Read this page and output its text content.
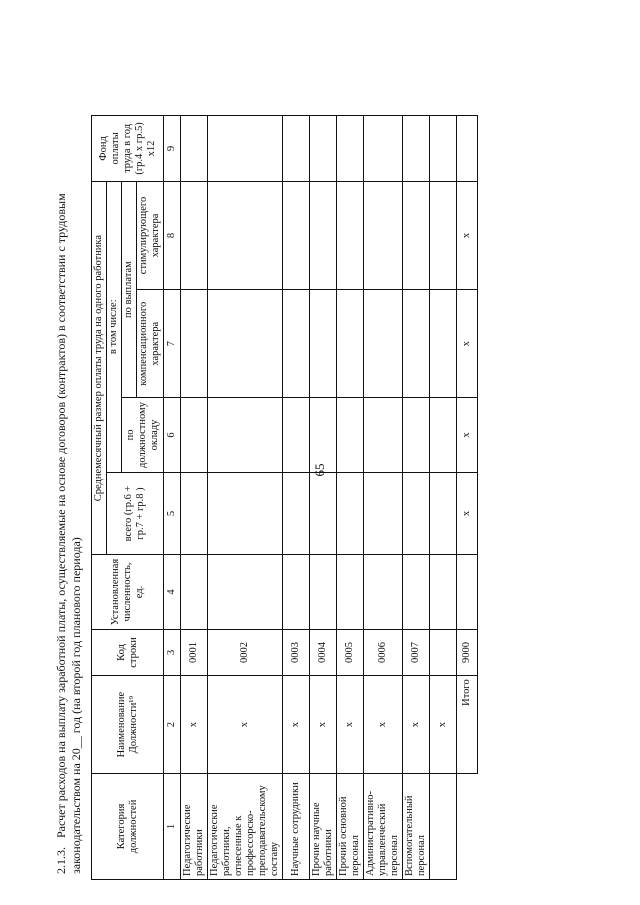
65
2.1.3.Расчет расходов на выплату заработной платы, осуществляемые на основе договоров (контрактов) в соответствии с трудовым законодательством на 20__ год (на второй год планового периода)	Категория должностей	Наименование Должности¹⁹	Код строки	Установленная численность, ед.	Среднемесячный размер оплаты труда на одного работника				Фонд оплаты труда в год (гр.4 х гр.5) х12
				всего (гр.6 + гр.7 + гр.8 )	в том числе:			
					по должностному окладу	по выплатам		
						компенсационного характера	стимулирующего характера	
1	2	3	4	5	6	7	8	9
Педагогические работники	х	0001						
Педагогические работники, отнесенные к профессорско-преподавательскому составу	х	0002						
Научные сотрудники	х	0003						
Прочие научные работники	х	0004						
Прочий основной персонал	х	0005						
Административно-управленческий персонал	х	0006						
Вспомогательный персонал	х	0007						
	х							
	Итого	9000		х	х	х	х	
